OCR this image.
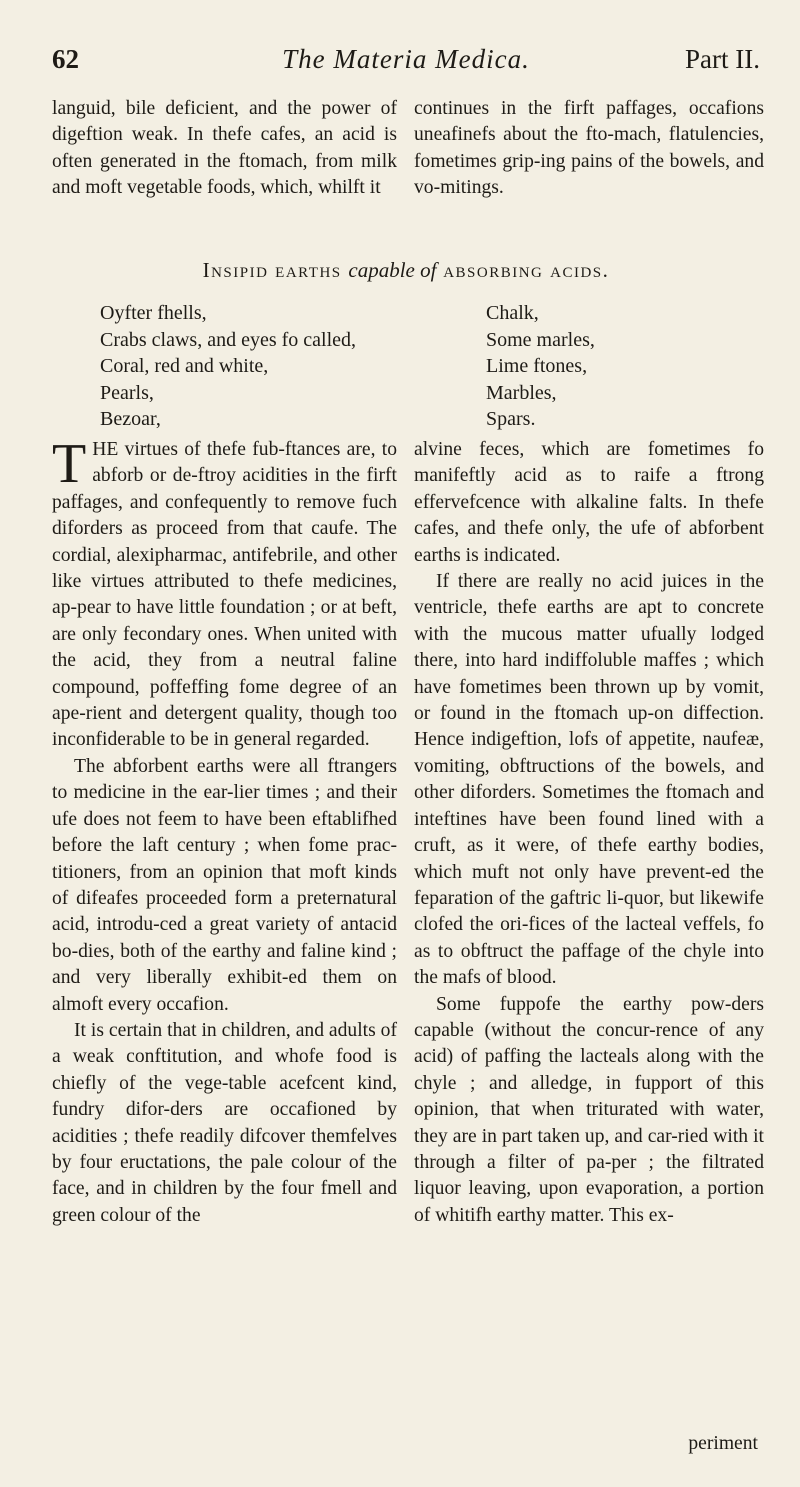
62	The Materia Medica.	Part II.

languid, bile deficient, and the power of digeftion weak. In thefe cafes, an acid is often generated in the ftomach, from milk and moft vegetable foods, which, whilft it

continues in the firft paffages, occafions uneafinefs about the fto-mach, flatulencies, fometimes grip-ing pains of the bowels, and vo-mitings.

Insipid earths capable of absorbing acids.
Oyfter fhells,
Crabs claws, and eyes fo called,
Coral, red and white,
Pearls,
Bezoar,
Chalk,
Some marles,
Lime ftones,
Marbles,
Spars.

THE virtues of thefe fub-ftances are, to abforb or de-ftroy acidities in the firft paffages, and confequently to remove fuch diforders as proceed from that caufe. The cordial, alexipharmac, antifebrile, and other like virtues attributed to thefe medicines, ap-pear to have little foundation ; or at beft, are only fecondary ones. When united with the acid, they from a neutral faline compound, poffeffing fome degree of an ape-rient and detergent quality, though too inconfiderable to be in general regarded.

The abforbent earths were all ftrangers to medicine in the ear-lier times ; and their ufe does not feem to have been eftablifhed before the laft century ; when fome prac-titioners, from an opinion that moft kinds of difeafes proceeded form a preternatural acid, introdu-ced a great variety of antacid bo-dies, both of the earthy and faline kind ; and very liberally exhibit-ed them on almoft every occafion.

It is certain that in children, and adults of a weak conftitution, and whofe food is chiefly of the vege-table acefcent kind, fundry difor-ders are occafioned by acidities ; thefe readily difcover themfelves by four eructations, the pale colour of the face, and in children by the four fmell and green colour of the

alvine feces, which are fometimes fo manifeftly acid as to raife a ftrong effervefcence with alkaline falts. In thefe cafes, and thefe only, the ufe of abforbent earths is indicated.

If there are really no acid juices in the ventricle, thefe earths are apt to concrete with the mucous matter ufually lodged there, into hard indiffoluble maffes ; which have fometimes been thrown up by vomit, or found in the ftomach up-on diffection. Hence indigeftion, lofs of appetite, naufeæ, vomiting, obftructions of the bowels, and other diforders. Sometimes the ftomach and inteftines have been found lined with a cruft, as it were, of thefe earthy bodies, which muft not only have prevent-ed the feparation of the gaftric li-quor, but likewife clofed the ori-fices of the lacteal veffels, fo as to obftruct the paffage of the chyle into the mafs of blood.

Some fuppofe the earthy pow-ders capable (without the concur-rence of any acid) of paffing the lacteals along with the chyle ; and alledge, in fupport of this opinion, that when triturated with water, they are in part taken up, and car-ried with it through a filter of pa-per ; the filtrated liquor leaving, upon evaporation, a portion of whitifh earthy matter. This ex-

periment
